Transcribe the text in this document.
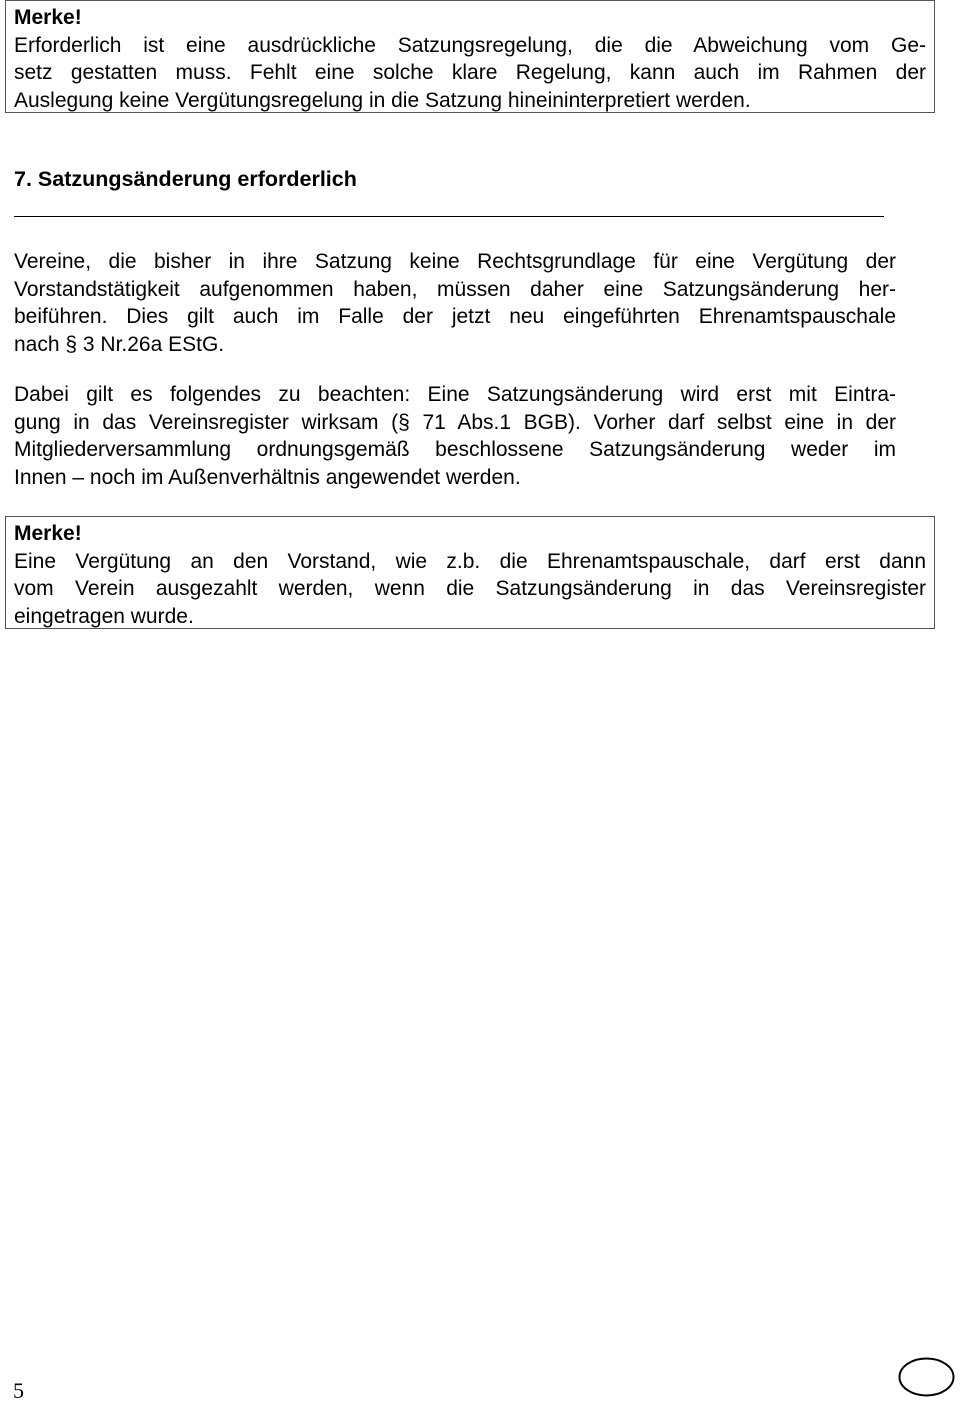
Merke!
Erforderlich ist eine ausdrückliche Satzungsregelung, die die Abweichung vom Ge-
setz gestatten muss. Fehlt eine solche klare Regelung, kann auch im Rahmen der
Auslegung keine Vergütungsregelung in die Satzung hineininterpretiert werden.
7. Satzungsänderung erforderlich
Vereine, die bisher in ihre Satzung keine Rechtsgrundlage für eine Vergütung der
Vorstandstätigkeit aufgenommen haben, müssen daher eine Satzungsänderung her-
beiführen. Dies gilt auch im Falle der jetzt neu eingeführten Ehrenamtspauschale
nach § 3 Nr.26a EStG.
Dabei gilt es folgendes zu beachten: Eine Satzungsänderung wird erst mit Eintra-
gung in das Vereinsregister wirksam (§ 71 Abs.1 BGB). Vorher darf selbst eine in der
Mitgliederversammlung ordnungsgemäß beschlossene Satzungsänderung weder im
Innen – noch im Außenverhältnis angewendet werden.
Merke!
Eine Vergütung an den Vorstand, wie z.b. die Ehrenamtspauschale, darf erst dann
vom Verein ausgezahlt werden, wenn die Satzungsänderung in das Vereinsregister
eingetragen wurde.
5
